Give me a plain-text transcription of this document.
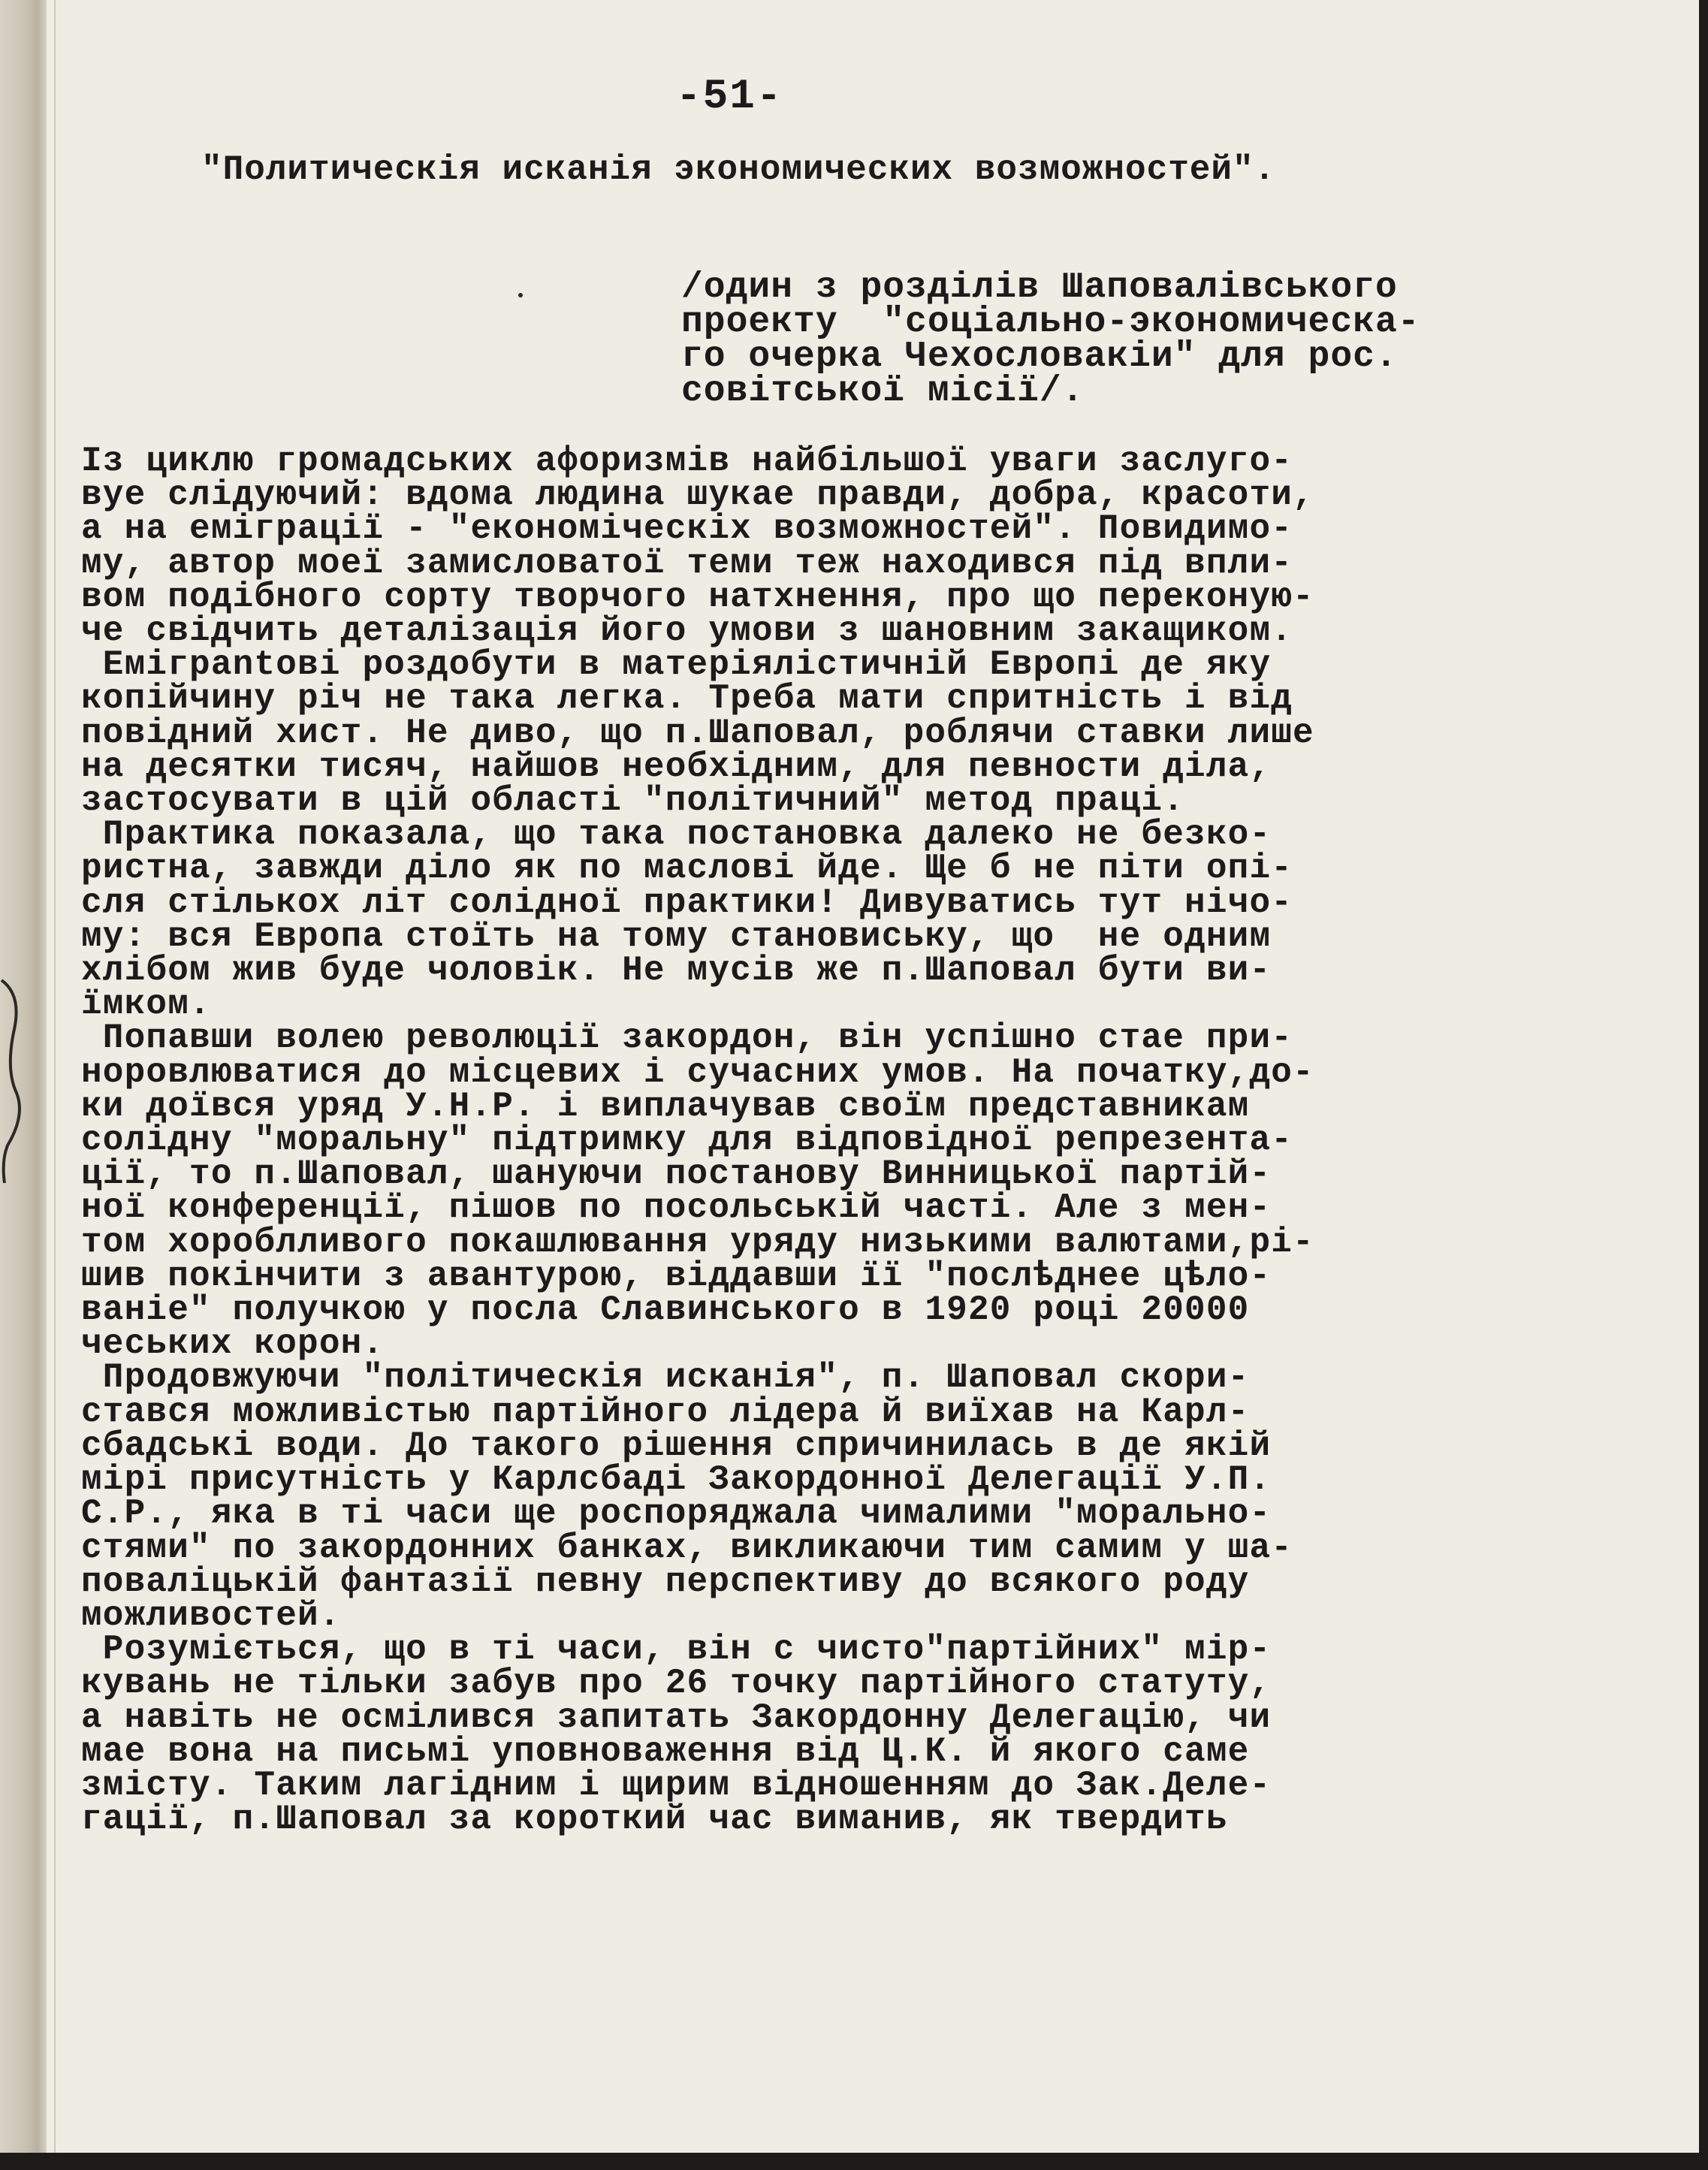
-51-

"Политическія исканія экономических возможностей".

/один з розділів Шаповалівського
проекту  "соціально-экономическа-
го очерка Чехословакіи" для рос.
совітської місії/.
Із циклю громадських афоризмів найбільшої уваги заслуго-
вуе слідуючий: вдома людина шукае правди, добра, красоти,
а на еміграції - "економіческіх возможностей". Повидимо-
му, автор моеї замисловатої теми теж находився під впли-
вом подібного сорту творчого натхнення, про що переконую-
че свідчить деталізація його умови з шановним закащиком.
Еміграntові роздобути в матеріялістичній Европі де яку
копійчину річ не така легка. Треба мати спритність і від
повідний хист. Не диво, що п.Шаповал, роблячи ставки лише
на десятки тисяч, найшов необхідним, для певности діла,
застосувати в цій області "політичний" метод праці.
Практика показала, що така постановка далеко не безко-
ристна, завжди діло як по маслові йде. Ще б не піти опі-
сля стількох літ солідної практики! Дивуватись тут нічо-
му: вся Европа стоїть на тому становиську, що  не одним
хлібом жив буде чоловік. Не мусів же п.Шаповал бути ви-
їмком.
Попавши волею революції закордон, він успішно стае при-
норовлюватися до місцевих і сучасних умов. На початку,до-
ки доївся уряд У.Н.Р. і виплачував своїм представникам
солідну "моральну" підтримку для відповідної репрезента-
ції, то п.Шаповал, шануючи постанову Винницької партій-
ної конференції, пішов по посольській часті. Але з мен-
том хороблливого покашлювання уряду низькими валютами,рі-
шив покінчити з авантурою, віддавши її "послѣднее цѣло-
ваніе" получкою у посла Славинського в 1920 році 20000
чеських корон.
Продовжуючи "політическія исканія", п. Шаповал скори-
стався можливістью партійного лідера й виїхав на Карл-
сбадські води. До такого рішення спричинилась в де якій
мірі присутність у Карлсбаді Закордонної Делегації У.П.
С.Р., яка в ті часи ще роспоряджала чималими "морально-
стями" по закордонних банках, викликаючи тим самим у ша-
поваліцькій фантазії певну перспективу до всякого роду
можливостей.
Розуміється, що в ті часи, він с чисто"партійних" мір-
кувань не тільки забув про 26 точку партійного статуту,
а навіть не осмілився запитать Закордонну Делегацію, чи
мае вона на письмі уповноваження від Ц.К. й якого саме
змісту. Таким лагідним і щирим відношенням до Зак.Деле-
гації, п.Шаповал за короткий час виманив, як твердить
